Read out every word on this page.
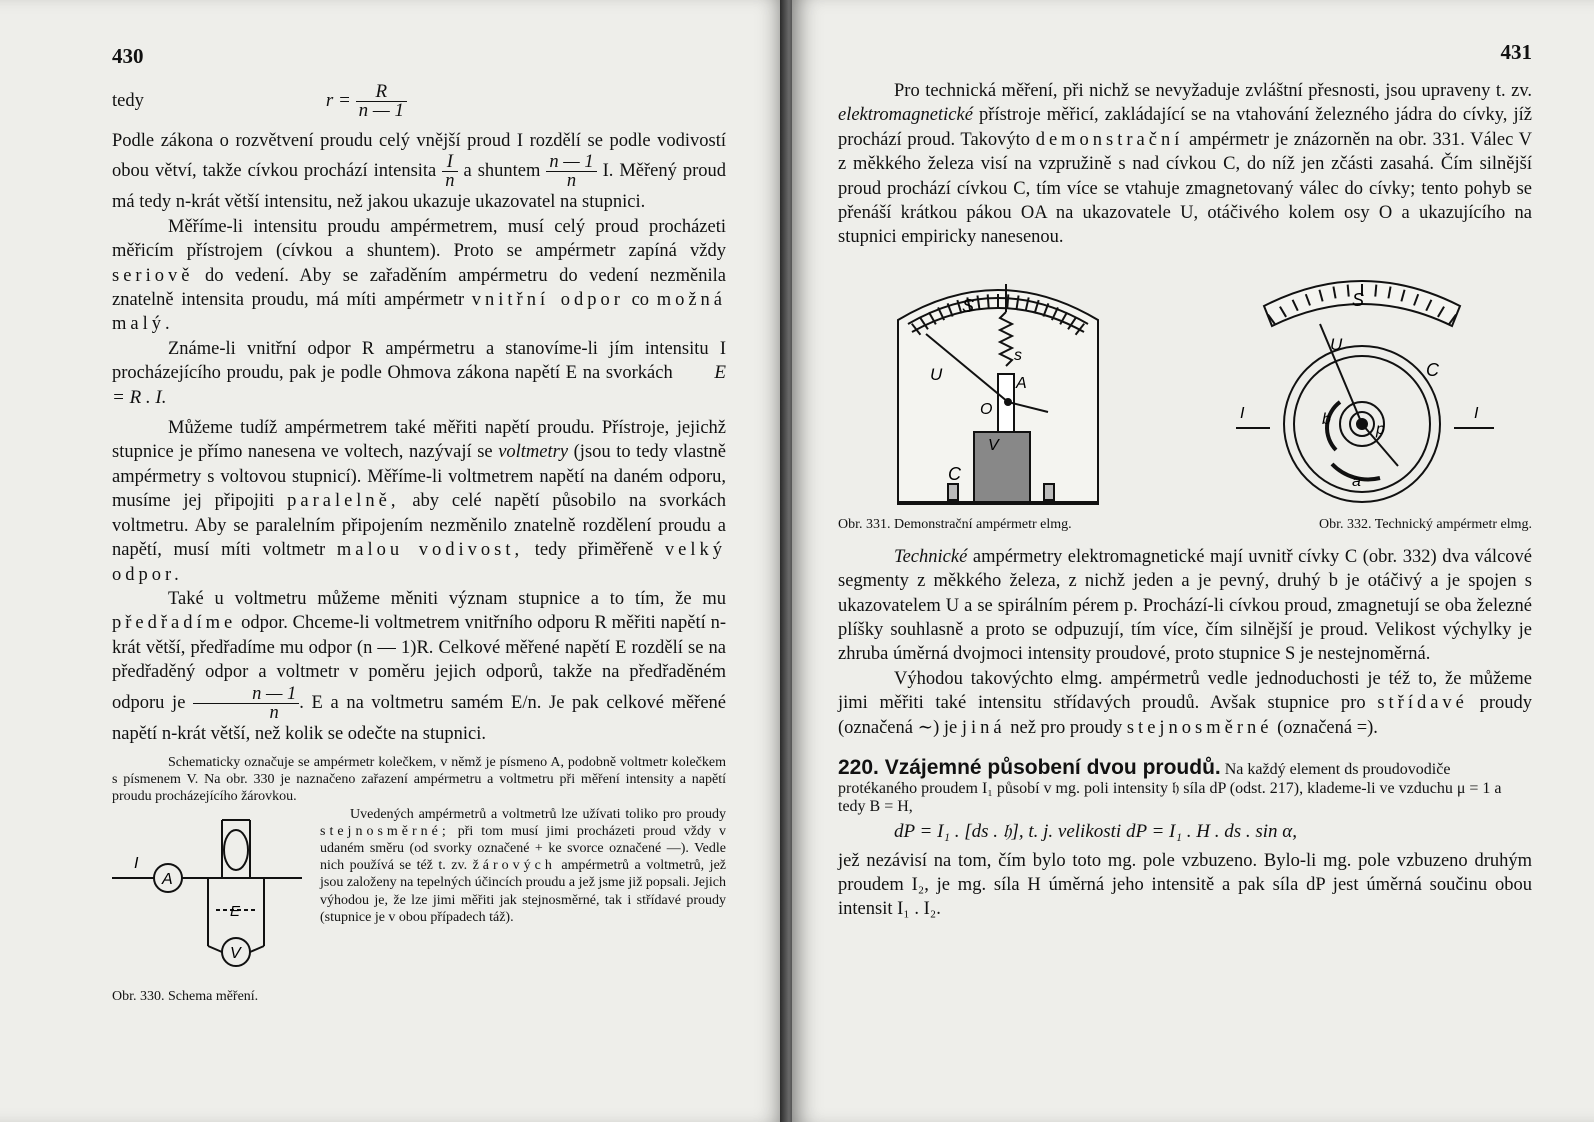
430
tedy	$r = \frac{R}{n — 1}$

Podle zákona o rozvětvení proudu celý vnější proud I rozdělí se podle vodivostí obou větví, takže cívkou prochází intensita $\frac{I}{n}$ a shuntem $\frac{n — 1}{n} I$. Měřený proud má tedy n-krát větší intensitu, než jakou ukazuje ukazovatel na stupnici.

Měříme-li intensitu proudu ampérmetrem, musí celý proud procházeti měřicím přístrojem (cívkou a shuntem). Proto se ampérmetr zapíná vždy seriově do vedení. Aby se zařaděním ampérmetru do vedení nezměnila znatelně intensita proudu, má míti ampérmetr vnitřní odpor co možná malý.

Známe-li vnitřní odpor R ampérmetru a stanovíme-li jím intensitu I procházejícího proudu, pak je podle Ohmova zákona napětí E na svorkách E = R . I.

Můžeme tudíž ampérmetrem také měřiti napětí proudu. Přístroje, jejichž stupnice je přímo nanesena ve voltech, nazývají se voltmetry (jsou to tedy vlastně ampérmetry s voltovou stupnicí). Měříme-li voltmetrem napětí na daném odporu, musíme jej připojiti paralelně, aby celé napětí působilo na svorkách voltmetru. Aby se paralelním připojením nezměnilo znatelně rozdělení proudu a napětí, musí míti voltmetr malou vodivost, tedy přiměřeně velký odpor.

Také u voltmetru můžeme měniti význam stupnice a to tím, že mu předřadíme odpor. Chceme-li voltmetrem vnitřního odporu R měřiti napětí n-krát větší, předřadíme mu odpor (n — 1)R. Celkové měřené napětí E rozdělí se na předřaděný odpor a voltmetr v poměru jejich odporů, takže na předřaděném odporu je $\frac{n — 1}{n}$ . E a na voltmetru samém E/n. Je pak celkové měřené napětí n-krát větší, než kolik se odečte na stupnici.

Schematicky označuje se ampérmetr kolečkem, v němž je písmeno A, podobně voltmetr kolečkem s písmenem V. Na obr. 330 je naznačeno zařazení ampérmetru a voltmetru při měření intensity a napětí proudu procházejícího žárovkou.

I
A
E
V
Obr. 330. Schema měření.

Uvedených ampérmetrů a voltmetrů lze užívati toliko pro proudy stejnosměrné; při tom musí jimi procházeti proud vždy v udaném směru (od svorky označené + ke svorce označené —). Vedle nich používá se též t. zv. žárových ampérmetrů a voltmetrů, jež jsou založeny na tepelných účincích proudu a jež jsme již popsali. Jejich výhodou je, že lze jimi měřiti jak stejnosměrné, tak i střídavé proudy (stupnice je v obou případech táž).

431

Pro technická měření, při nichž se nevyžaduje zvláštní přesnosti, jsou upraveny t. zv. elektromagnetické přístroje měřicí, zakládající se na vtahování železného jádra do cívky, jíž prochází proud. Takovýto demonstrační ampérmetr je znázorněn na obr. 331. Válec V z měkkého železa visí na vzpružině s nad cívkou C, do níž jen zčásti zasahá. Čím silnější proud prochází cívkou C, tím více se vtahuje zmagnetovaný válec do cívky; tento pohyb se přenáší krátkou pákou OA na ukazovatele U, otáčivého kolem osy O a ukazujícího na stupnici empiricky nanesenou.

S
s
U	A
O
V
C
S
U
C
I	I
b
p
a
Obr. 331. Demonstrační ampérmetr elmg.	Obr. 332. Technický ampérmetr elmg.

Technické ampérmetry elektromagnetické mají uvnitř cívky C (obr. 332) dva válcové segmenty z měkkého železa, z nichž jeden a je pevný, druhý b je otáčivý a je spojen s ukazovatelem U a se spirálním pérem p. Prochází-li cívkou proud, zmagnetují se oba železné plíšky souhlasně a proto se odpuzují, tím více, čím silnější je proud. Velikost výchylky je zhruba úměrná dvojmoci intensity proudové, proto stupnice S je nestejnoměrná.

Výhodou takovýchto elmg. ampérmetrů vedle jednoduchosti je též to, že můžeme jimi měřiti také intensitu střídavých proudů. Avšak stupnice pro střídavé proudy (označená ∼) je jiná než pro proudy stejnosměrné (označená =).

220. Vzájemné působení dvou proudů. Na každý element ds proudovodiče protékaného proudem I₁ působí v mg. poli intensity 𝔥 síla dP (odst. 217), klademe-li ve vzduchu μ = 1 a tedy B = H,

dP = I₁ . [ds . 𝔥], t. j. velikosti dP = I₁ . H . ds . sin α,

jež nezávisí na tom, čím bylo toto mg. pole vzbuzeno. Bylo-li mg. pole vzbuzeno druhým proudem I₂, je mg. síla H úměrná jeho intensitě a pak síla dP jest úměrná součinu obou intensit I₁ . I₂.
